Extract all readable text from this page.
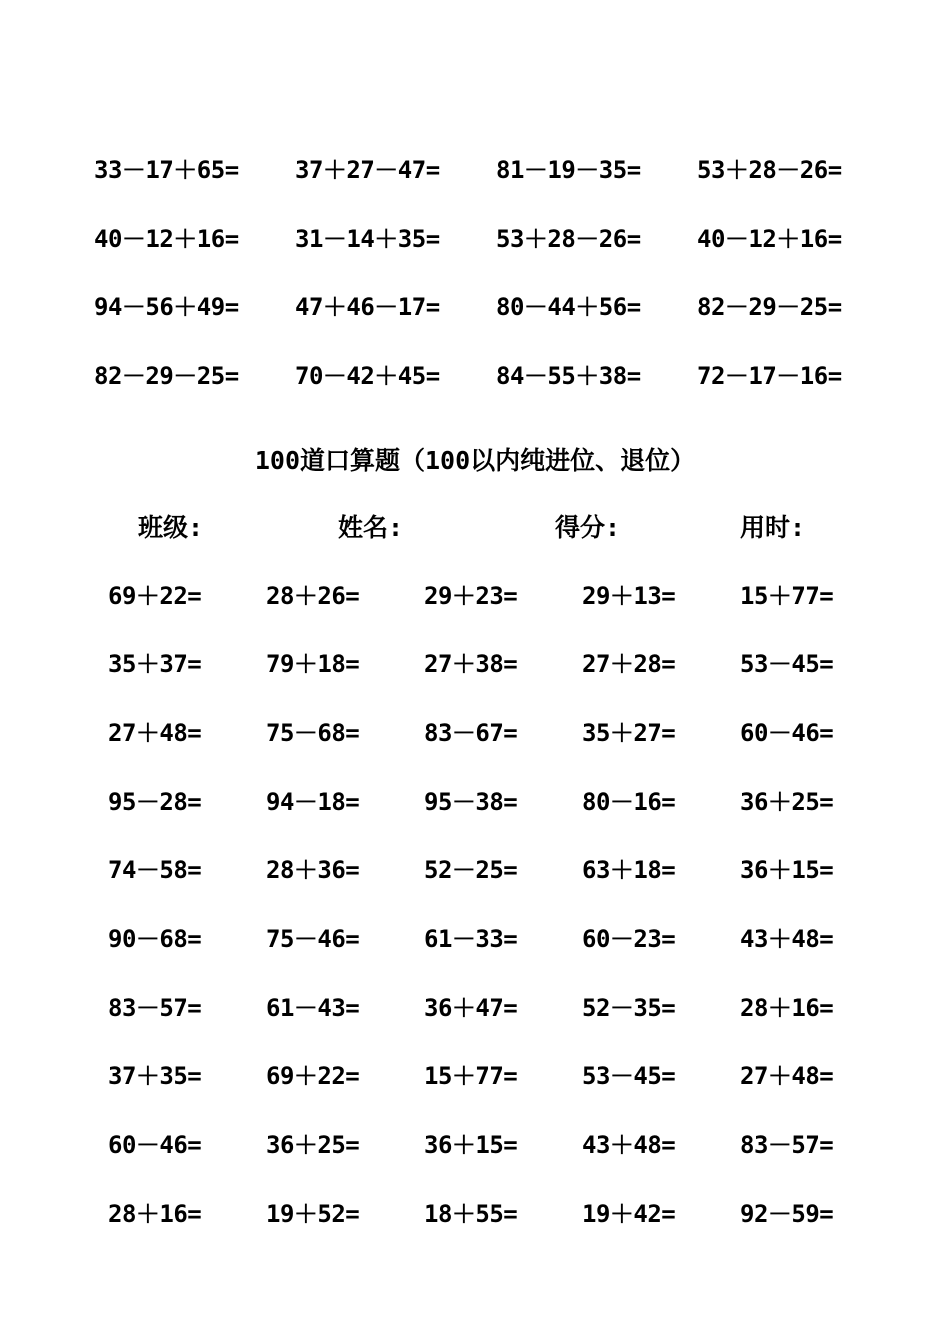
33－17＋65= 37＋27－47= 81－19－35= 53＋28－26=
40－12＋16= 31－14＋35= 53＋28－26= 40－12＋16=
94－56＋49= 47＋46－17= 80－44＋56= 82－29－25=
82－29－25= 70－42＋45= 84－55＋38= 72－17－16=
100道口算题（100以内纯进位、退位）
班级:	姓名:	得分:	用时:
69＋22=	28＋26=	29＋23=	29＋13=	15＋77=
35＋37=	79＋18=	27＋38=	27＋28=	53－45=
27＋48=	75－68=	83－67=	35＋27=	60－46=
95－28=	94－18=	95－38=	80－16=	36＋25=
74－58=	28＋36=	52－25=	63＋18=	36＋15=
90－68=	75－46=	61－33=	60－23=	43＋48=
83－57=	61－43=	36＋47=	52－35=	28＋16=
37＋35=	69＋22=	15＋77=	53－45=	27＋48=
60－46=	36＋25=	36＋15=	43＋48=	83－57=
28＋16=	19＋52=	18＋55=	19＋42=	92－59=
